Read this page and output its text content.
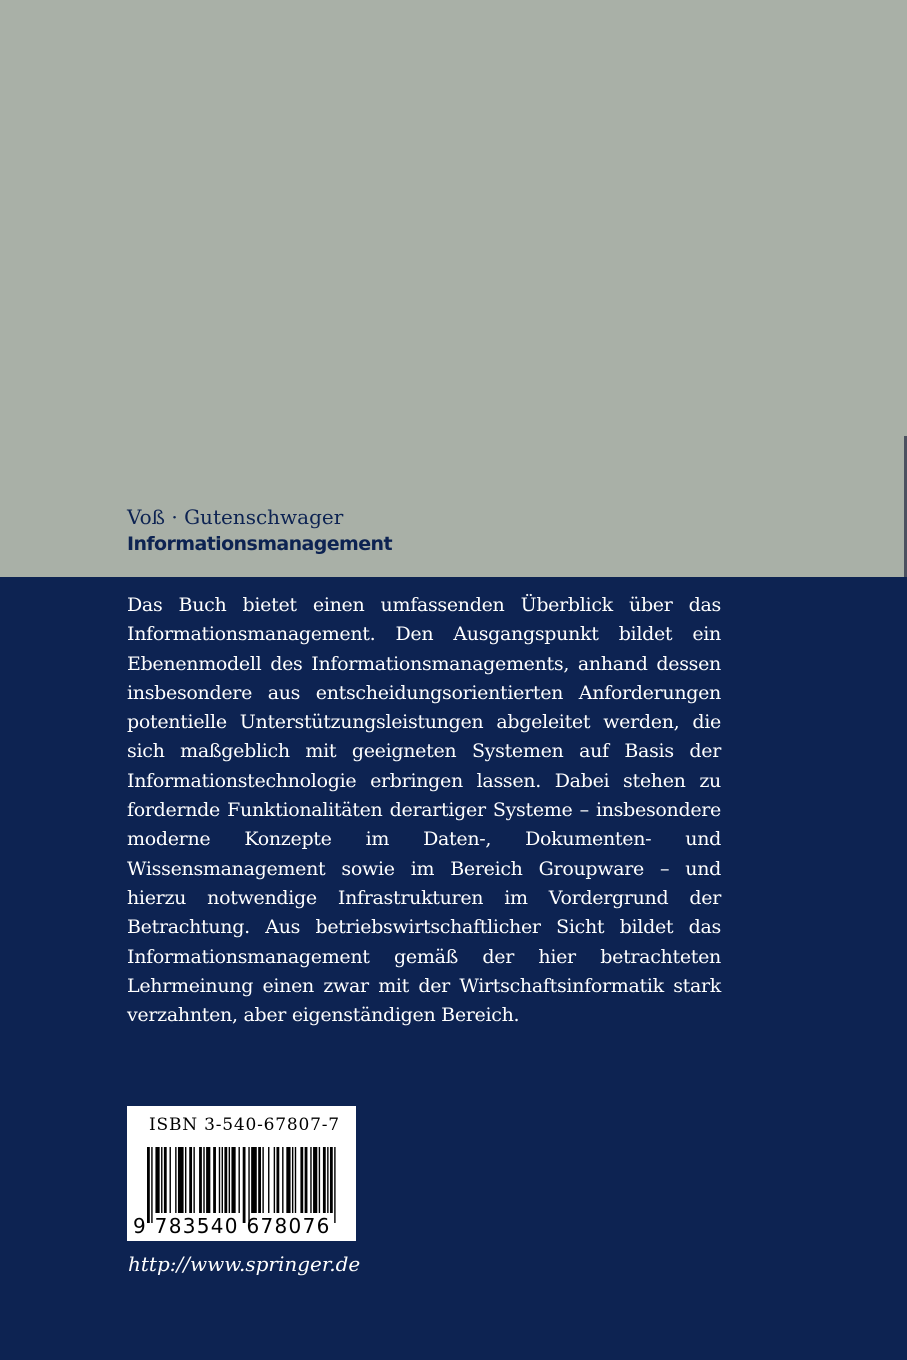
Voß · Gutenschwager
Informationsmanagement
Das Buch bietet einen umfassenden Überblick über das Informationsmanagement. Den Ausgangspunkt bildet ein Ebenenmodell des Informationsmanagements, anhand dessen insbesondere aus entscheidungsorientierten Anforderungen potentielle Unterstützungsleistungen abgeleitet werden, die sich maßgeblich mit geeigneten Systemen auf Basis der Informationstechnologie erbringen lassen. Dabei stehen zu fordernde Funktionalitäten derartiger Systeme – insbesondere moderne Konzepte im Daten-, Dokumenten- und Wissensmanagement sowie im Bereich Groupware – und hierzu notwendige Infrastrukturen im Vordergrund der Betrachtung. Aus betriebswirtschaftlicher Sicht bildet das Informationsmanagement gemäß der hier betrachteten Lehrmeinung einen zwar mit der Wirtschaftsinformatik stark verzahnten, aber eigenständigen Bereich.
ISBN 3-540-67807-7
9 783540 678076
http://www.springer.de
